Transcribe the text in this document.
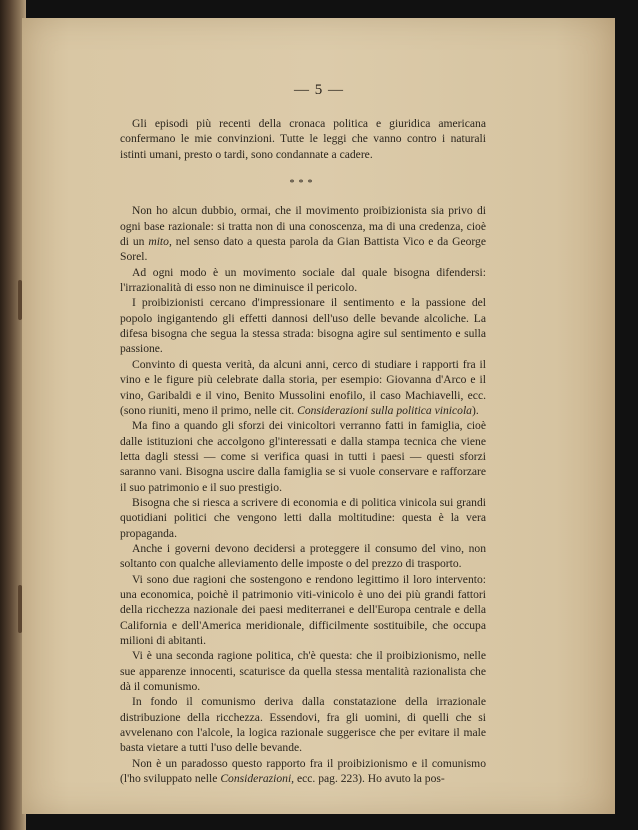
— 5 —

Gli episodi più recenti della cronaca politica e giuridica americana confermano le mie convinzioni. Tutte le leggi che vanno contro i naturali istinti umani, presto o tardi, sono condannate a cadere.

***

Non ho alcun dubbio, ormai, che il movimento proibizionista sia privo di ogni base razionale: si tratta non di una conoscenza, ma di una credenza, cioè di un mito, nel senso dato a questa parola da Gian Battista Vico e da George Sorel.

Ad ogni modo è un movimento sociale dal quale bisogna difendersi: l'irrazionalità di esso non ne diminuisce il pericolo.

I proibizionisti cercano d'impressionare il sentimento e la passione del popolo ingigantendo gli effetti dannosi dell'uso delle bevande alcoliche. La difesa bisogna che segua la stessa strada: bisogna agire sul sentimento e sulla passione.

Convinto di questa verità, da alcuni anni, cerco di studiare i rapporti fra il vino e le figure più celebrate dalla storia, per esempio: Giovanna d'Arco e il vino, Garibaldi e il vino, Benito Mussolini enofilo, il caso Machiavelli, ecc. (sono riuniti, meno il primo, nelle cit. Considerazioni sulla politica vinicola).

Ma fino a quando gli sforzi dei vinicoltori verranno fatti in famiglia, cioè dalle istituzioni che accolgono gl'interessati e dalla stampa tecnica che viene letta dagli stessi — come si verifica quasi in tutti i paesi — questi sforzi saranno vani. Bisogna uscire dalla famiglia se si vuole conservare e rafforzare il suo patrimonio e il suo prestigio.

Bisogna che si riesca a scrivere di economia e di politica vinicola sui grandi quotidiani politici che vengono letti dalla moltitudine: questa è la vera propaganda.

Anche i governi devono decidersi a proteggere il consumo del vino, non soltanto con qualche alleviamento delle imposte o del prezzo di trasporto.

Vi sono due ragioni che sostengono e rendono legittimo il loro intervento: una economica, poichè il patrimonio viti-vinicolo è uno dei più grandi fattori della ricchezza nazionale dei paesi mediterranei e dell'Europa centrale e della California e dell'America meridionale, difficilmente sostituibile, che occupa milioni di abitanti.

Vi è una seconda ragione politica, ch'è questa: che il proibizionismo, nelle sue apparenze innocenti, scaturisce da quella stessa mentalità razionalista che dà il comunismo.

In fondo il comunismo deriva dalla constatazione della irrazionale distribuzione della ricchezza. Essendovi, fra gli uomini, di quelli che si avvelenano con l'alcole, la logica razionale suggerisce che per evitare il male basta vietare a tutti l'uso delle bevande.

Non è un paradosso questo rapporto fra il proibizionismo e il comunismo (l'ho sviluppato nelle Considerazioni, ecc. pag. 223). Ho avuto la pos-
